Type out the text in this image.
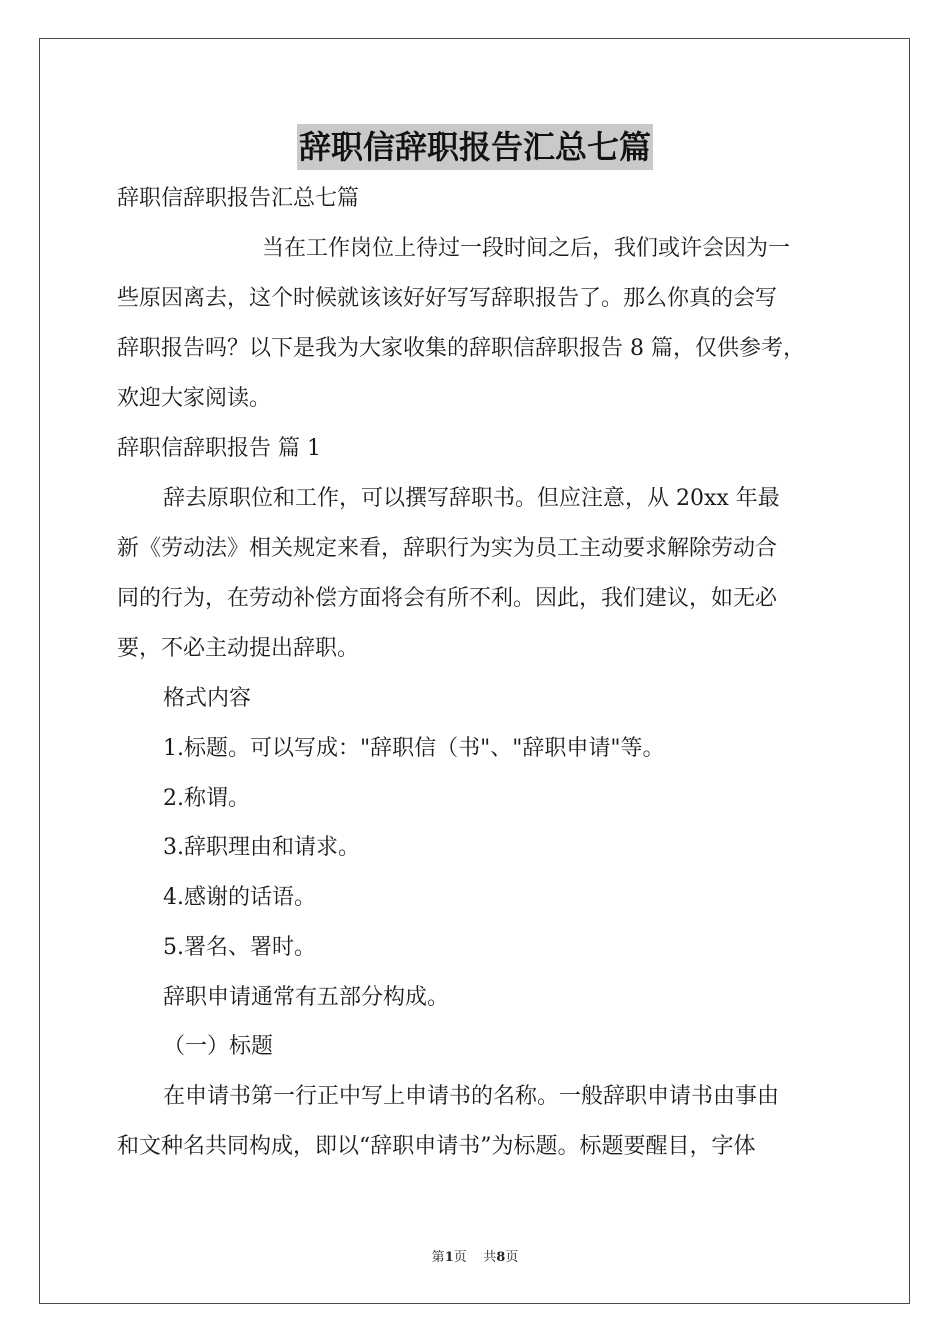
辞职信辞职报告汇总七篇
辞职信辞职报告汇总七篇
当在工作岗位上待过一段时间之后，我们或许会因为一
些原因离去，这个时候就该该好好写写辞职报告了。那么你真的会写
辞职报告吗？以下是我为大家收集的辞职信辞职报告 8 篇，仅供参考，
欢迎大家阅读。
辞职信辞职报告 篇 1
辞去原职位和工作，可以撰写辞职书。但应注意，从 20xx 年最
新《劳动法》相关规定来看，辞职行为实为员工主动要求解除劳动合
同的行为，在劳动补偿方面将会有所不利。因此，我们建议，如无必
要，不必主动提出辞职。
格式内容
1.标题。可以写成："辞职信（书"、"辞职申请"等。
2.称谓。
3.辞职理由和请求。
4.感谢的话语。
5.署名、署时。
辞职申请通常有五部分构成。
（一）标题
在申请书第一行正中写上申请书的名称。一般辞职申请书由事由
和文种名共同构成，即以“辞职申请书”为标题。标题要醒目，字体
第1页    共8页
